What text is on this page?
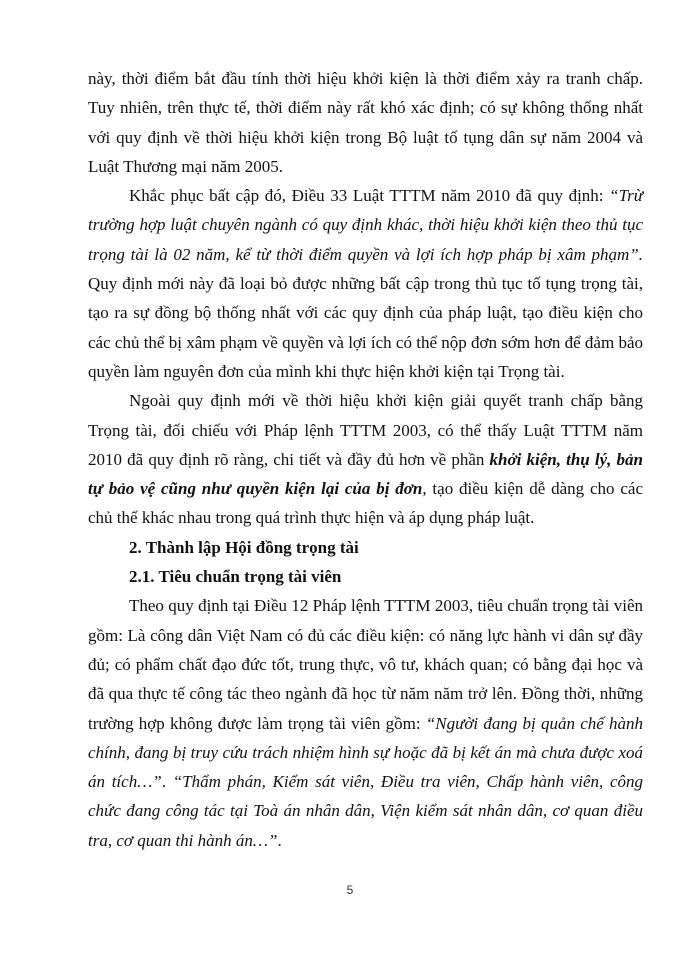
này, thời điểm bắt đầu tính thời hiệu khởi kiện là thời điểm xảy ra tranh chấp. Tuy nhiên, trên thực tế, thời điểm này rất khó xác định; có sự không thống nhất với quy định về thời hiệu khởi kiện trong Bộ luật tố tụng dân sự năm 2004 và Luật Thương mại năm 2005.

Khắc phục bất cập đó, Điều 33 Luật TTTM năm 2010 đã quy định: “Trừ trường hợp luật chuyên ngành có quy định khác, thời hiệu khởi kiện theo thủ tục trọng tài là 02 năm, kể từ thời điểm quyền và lợi ích hợp pháp bị xâm phạm”. Quy định mới này đã loại bỏ được những bất cập trong thủ tục tố tụng trọng tài, tạo ra sự đồng bộ thống nhất với các quy định của pháp luật, tạo điều kiện cho các chủ thể bị xâm phạm về quyền và lợi ích có thể nộp đơn sớm hơn để đảm bảo quyền làm nguyên đơn của mình khi thực hiện khởi kiện tại Trọng tài.

Ngoài quy định mới về thời hiệu khởi kiện giải quyết tranh chấp bằng Trọng tài, đối chiếu với Pháp lệnh TTTM 2003, có thể thấy Luật TTTM năm 2010 đã quy định rõ ràng, chi tiết và đầy đủ hơn về phần khởi kiện, thụ lý, bản tự bảo vệ cũng như quyền kiện lại của bị đơn, tạo điều kiện dễ dàng cho các chủ thể khác nhau trong quá trình thực hiện và áp dụng pháp luật.

2. Thành lập Hội đồng trọng tài

2.1. Tiêu chuẩn trọng tài viên

Theo quy định tại Điều 12 Pháp lệnh TTTM 2003, tiêu chuẩn trọng tài viên gồm: Là công dân Việt Nam có đủ các điều kiện: có năng lực hành vi dân sự đầy đủ; có phẩm chất đạo đức tốt, trung thực, vô tư, khách quan; có bằng đại học và đã qua thực tế công tác theo ngành đã học từ năm năm trở lên. Đồng thời, những trường hợp không được làm trọng tài viên gồm: “Người đang bị quản chế hành chính, đang bị truy cứu trách nhiệm hình sự hoặc đã bị kết án mà chưa được xoá án tích…”. “Thẩm phán, Kiểm sát viên, Điều tra viên, Chấp hành viên, công chức đang công tác tại Toà án nhân dân, Viện kiểm sát nhân dân, cơ quan điều tra, cơ quan thi hành án…”.

5
